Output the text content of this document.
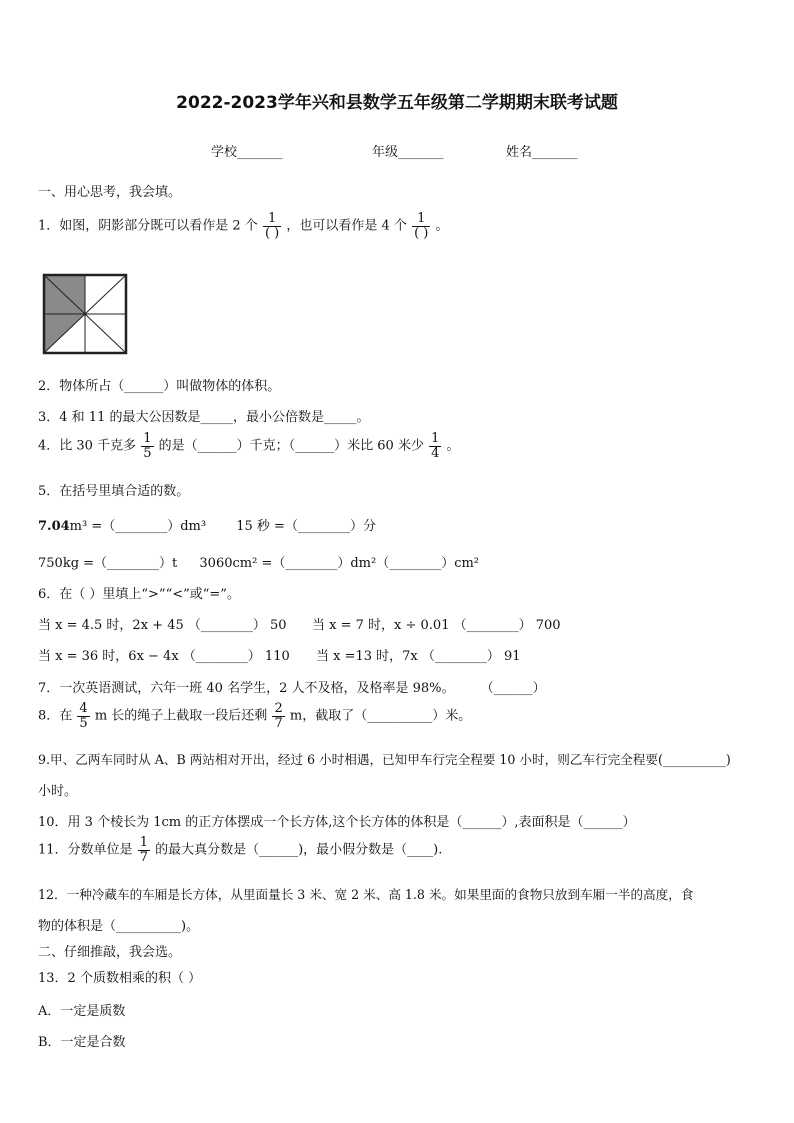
2022-2023学年兴和县数学五年级第二学期期末联考试题
学校_______	年级_______	姓名_______
一、用心思考，我会填。
1．如图，阴影部分既可以看作是 2 个 $\frac{1}{( )}$ ，也可以看作是 4 个 $\frac{1}{( )}$ 。
2．物体所占（______）叫做物体的体积。
3．4 和 11 的最大公因数是_____，最小公倍数是_____。
4．比 30 千克多 $\frac{1}{5}$ 的是（______）千克；（______）米比 60 米少 $\frac{1}{4}$ 。
5．在括号里填合适的数。
7.04m³ =（________）dm³ 15 秒 =（________）分
750kg =（________）t 3060cm² =（________）dm²（________）cm²
6．在（ ）里填上“>”“<”或“=”。
当 x = 4.5 时，2x + 45 （________） 50 当 x = 7 时，x ÷ 0.01 （________） 700
当 x = 36 时，6x − 4x （________） 110 当 x =13 时，7x （________） 91
7．一次英语测试，六年一班 40 名学生，2 人不及格，及格率是 98%。 （______）
8．在 $\frac{4}{5}$ m 长的绳子上截取一段后还剩 $\frac{2}{7}$ m，截取了（__________）米。
9.甲、乙两车同时从 A、B 两站相对开出，经过 6 小时相遇，已知甲车行完全程要 10 小时，则乙车行完全程要(__________)
小时。
10．用 3 个棱长为 1cm 的正方体摆成一个长方体,这个长方体的体积是（______）,表面积是（______）
11．分数单位是 $\frac{1}{7}$ 的最大真分数是（______)，最小假分数是（____).
12．一种冷藏车的车厢是长方体，从里面量长 3 米、宽 2 米、高 1.8 米。如果里面的食物只放到车厢一半的高度，食
物的体积是（__________)。
二、仔细推敲，我会选。
13．2 个质数相乘的积（ ）
A．一定是质数
B．一定是合数
